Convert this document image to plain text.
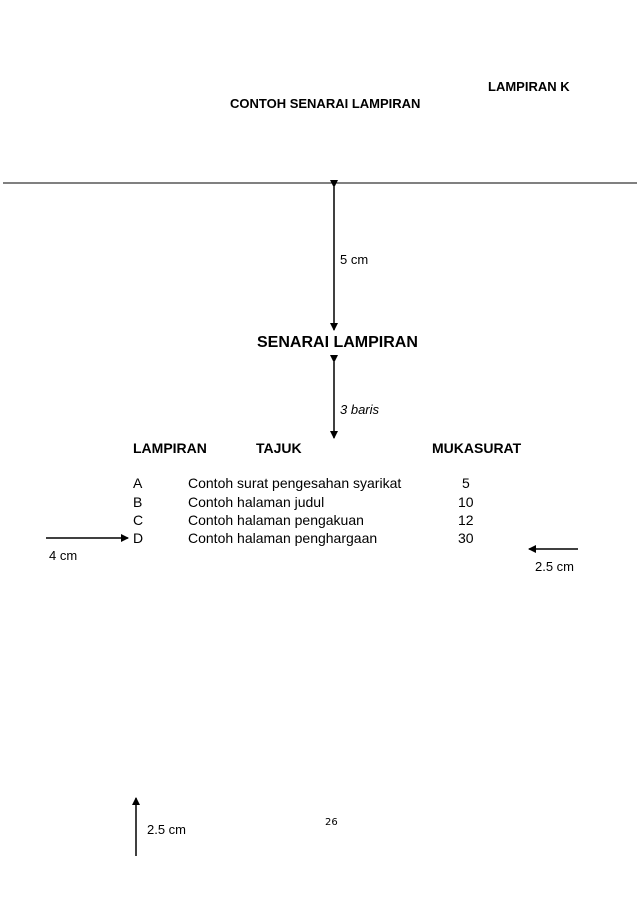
LAMPIRAN K
CONTOH SENARAI LAMPIRAN
5 cm
SENARAI LAMPIRAN
3 baris
LAMPIRAN	TAJUK	MUKASURAT
A	Contoh surat pengesahan syarikat	5
B	Contoh halaman judul	10
C	Contoh halaman pengakuan	12
D	Contoh halaman penghargaan	30
4 cm
2.5 cm
2.5 cm	26
